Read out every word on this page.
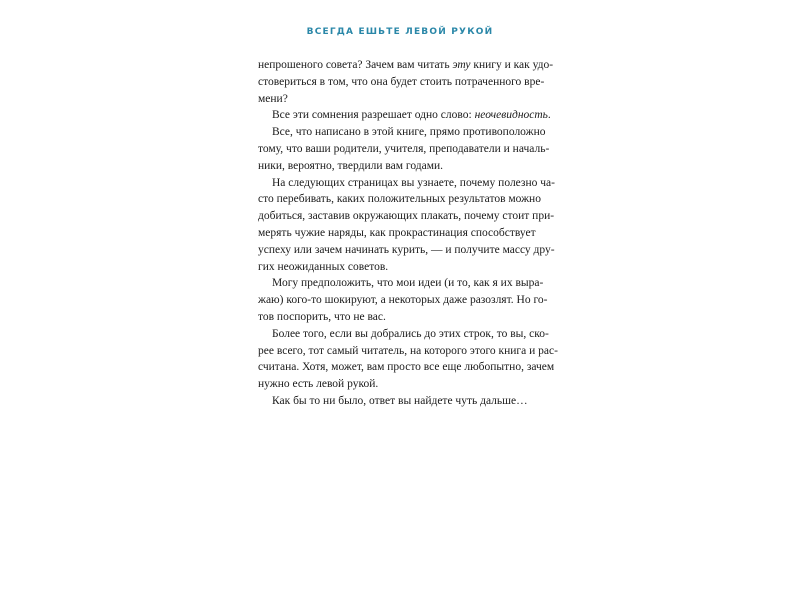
ВСЕГДА ЕШЬТЕ ЛЕВОЙ РУКОЙ
непрошеного совета? Зачем вам читать эту книгу и как удо-
стовериться в том, что она будет стоить потраченного вре-
мени?
Все эти сомнения разрешает одно слово: неочевидность.
Все, что написано в этой книге, прямо противоположно
тому, что ваши родители, учителя, преподаватели и началь-
ники, вероятно, твердили вам годами.
На следующих страницах вы узнаете, почему полезно ча-
сто перебивать, каких положительных результатов можно
добиться, заставив окружающих плакать, почему стоит при-
мерять чужие наряды, как прокрастинация способствует
успеху или зачем начинать курить, — и получите массу дру-
гих неожиданных советов.
Могу предположить, что мои идеи (и то, как я их выра-
жаю) кого-то шокируют, а некоторых даже разозлят. Но го-
тов поспорить, что не вас.
Более того, если вы добрались до этих строк, то вы, ско-
рее всего, тот самый читатель, на которого этого книга и рас-
считана. Хотя, может, вам просто все еще любопытно, зачем
нужно есть левой рукой.
Как бы то ни было, ответ вы найдете чуть дальше…
